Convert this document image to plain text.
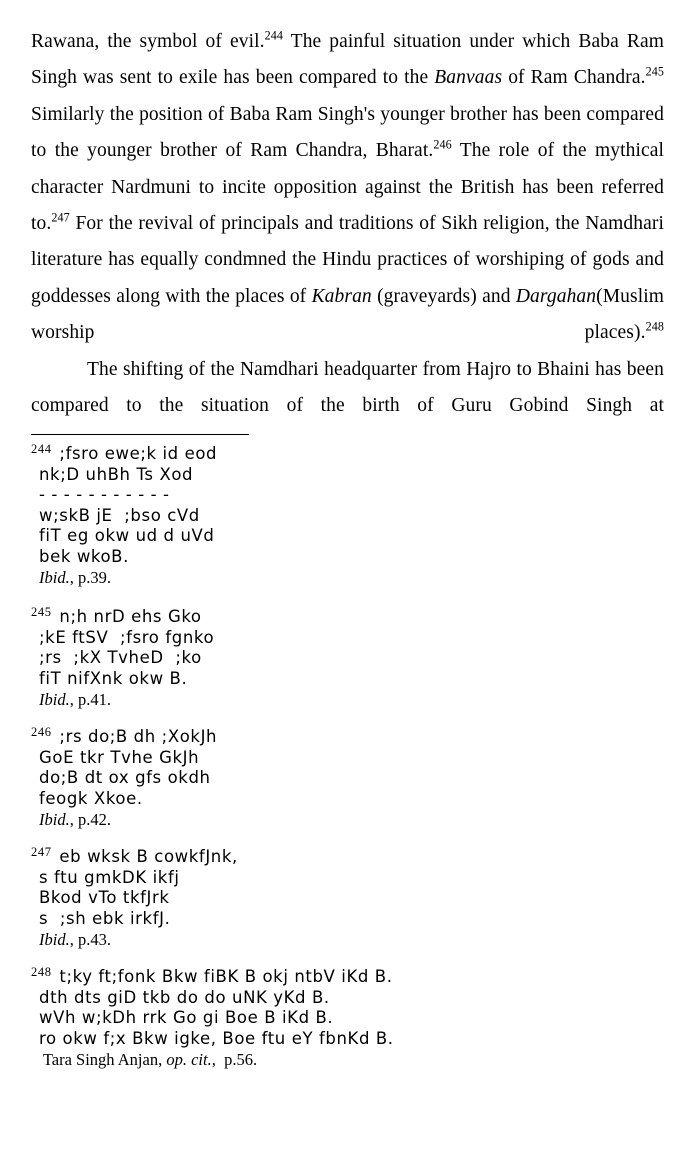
Rawana, the symbol of evil.$^{244}$ The painful situation under which Baba Ram Singh was sent to exile has been compared to the Banvaas of Ram Chandra.$^{245}$ Similarly the position of Baba Ram Singh's younger brother has been compared to the younger brother of Ram Chandra, Bharat.$^{246}$ The role of the mythical character Nardmuni to incite opposition against the British has been referred to.$^{247}$ For the revival of principals and traditions of Sikh religion, the Namdhari literature has equally condmned the Hindu practices of worshiping of gods and goddesses along with the places of Kabran (graveyards) and Dargahan(Muslim worship places).$^{248}$

The shifting of the Namdhari headquarter from Hajro to Bhaini has been compared to the situation of the birth of Guru Gobind Singh at

$^{244}$ ;fsro ewe;k id eod
nk;D uhBh Ts Xod
- - - - - - - - - - -
w;skB jE  ;bso cVd
fiT eg okw ud d uVd
bek wkoB.
Ibid., p.39.
$^{245}$ n;h nrD ehs Gko
;kE ftSV  ;fsro fgnko
;rs  ;kX TvheD  ;ko
fiT nifXnk okw B.
Ibid., p.41.
$^{246}$ ;rs do;B dh ;XokJh
GoE tkr Tvhe GkJh
do;B dt ox gfs okdh
feogk Xkoe.
Ibid., p.42.
$^{247}$ eb wksk B cowkfJnk,
s ftu gmkDK ikfj
Bkod vTo tkfJrk
s  ;sh ebk irkfJ.
Ibid., p.43.
$^{248}$ t;ky ft;fonk Bkw fiBK B okj ntbV iKd B.
dth dts giD tkb do do uNK yKd B.
wVh w;kDh rrk Go gi Boe B iKd B.
ro okw f;x Bkw igke, Boe ftu eY fbnKd B.
Tara Singh Anjan, op. cit.,  p.56.
